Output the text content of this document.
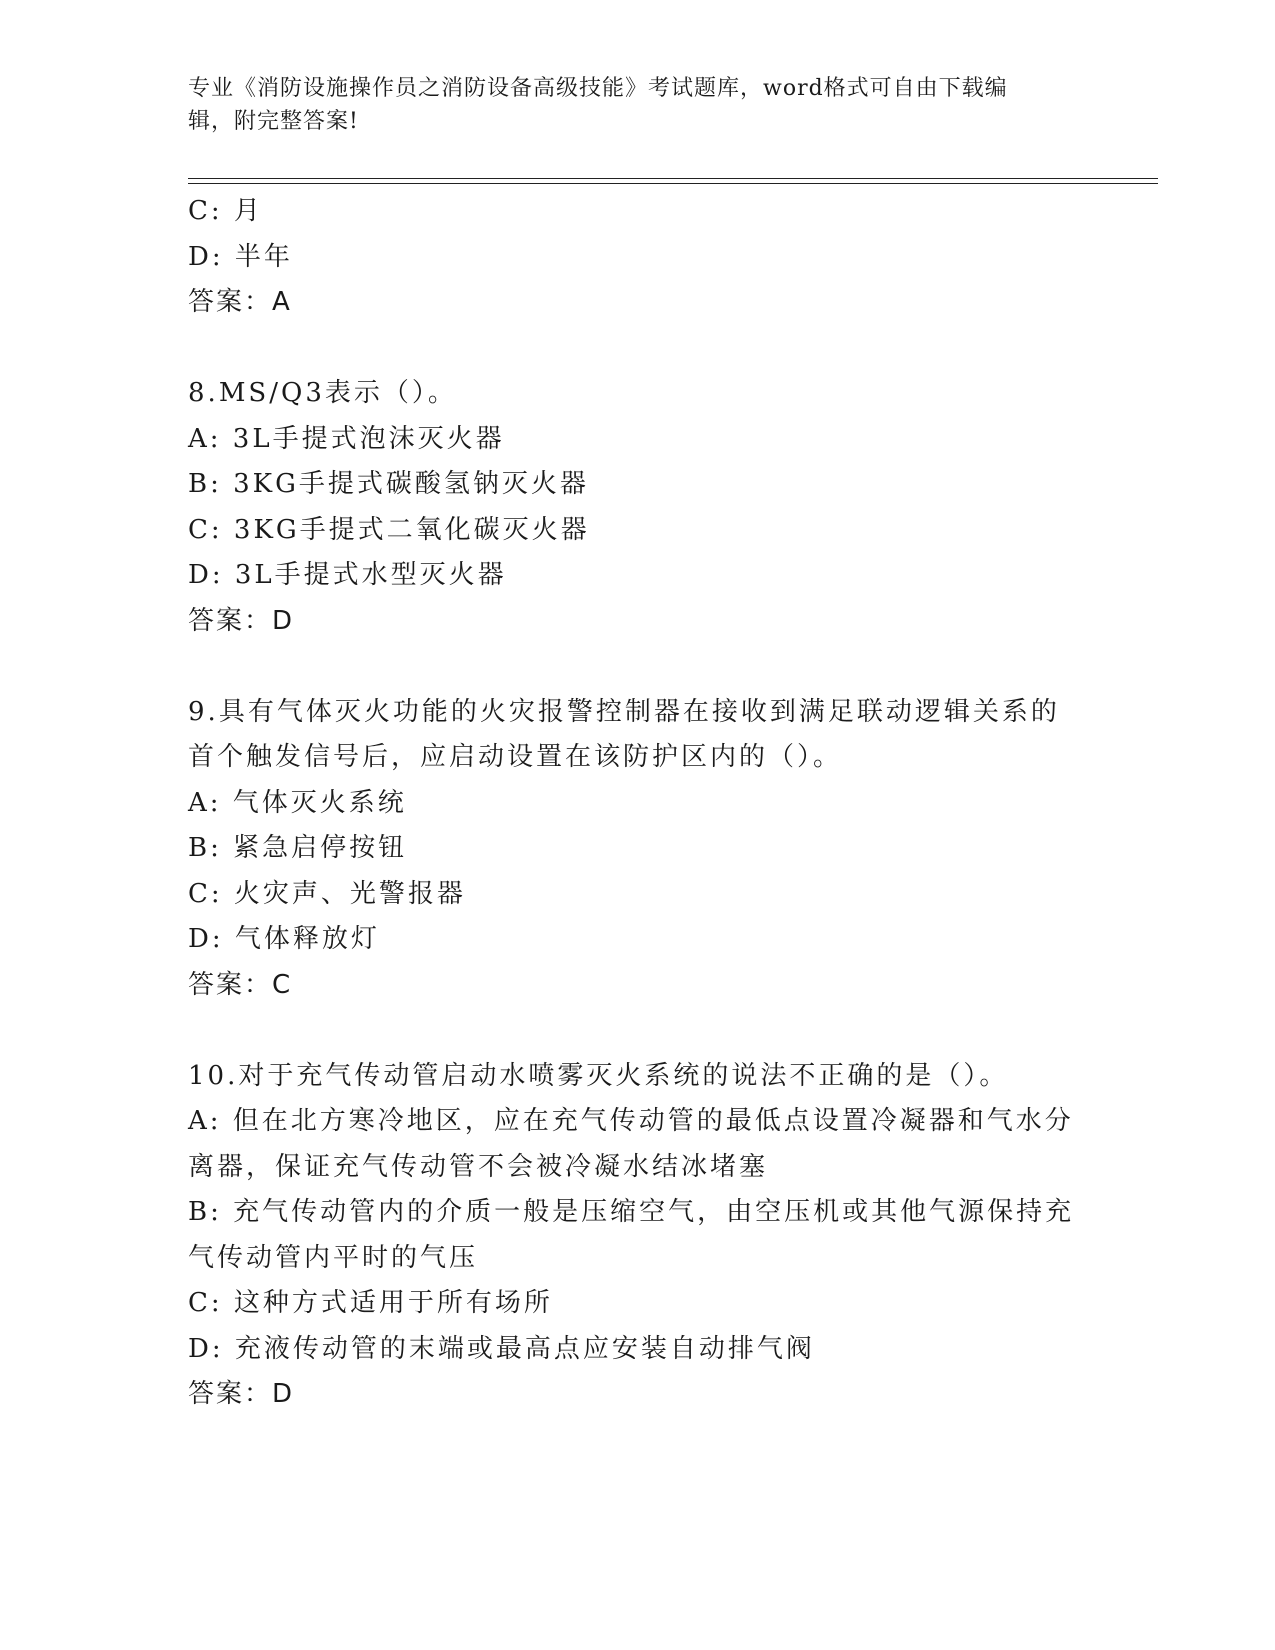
专业《消防设施操作员之消防设备高级技能》考试题库，word格式可自由下载编
辑，附完整答案!
C: 月
D: 半年
答案：A
8.MS/Q3表示（）。
A: 3L手提式泡沫灭火器
B: 3KG手提式碳酸氢钠灭火器
C: 3KG手提式二氧化碳灭火器
D: 3L手提式水型灭火器
答案：D
9.具有气体灭火功能的火灾报警控制器在接收到满足联动逻辑关系的
首个触发信号后，应启动设置在该防护区内的（）。
A: 气体灭火系统
B: 紧急启停按钮
C: 火灾声、光警报器
D: 气体释放灯
答案：C
10.对于充气传动管启动水喷雾灭火系统的说法不正确的是（）。
A: 但在北方寒冷地区，应在充气传动管的最低点设置冷凝器和气水分
离器，保证充气传动管不会被冷凝水结冰堵塞
B: 充气传动管内的介质一般是压缩空气，由空压机或其他气源保持充
气传动管内平时的气压
C: 这种方式适用于所有场所
D: 充液传动管的末端或最高点应安装自动排气阀
答案：D
